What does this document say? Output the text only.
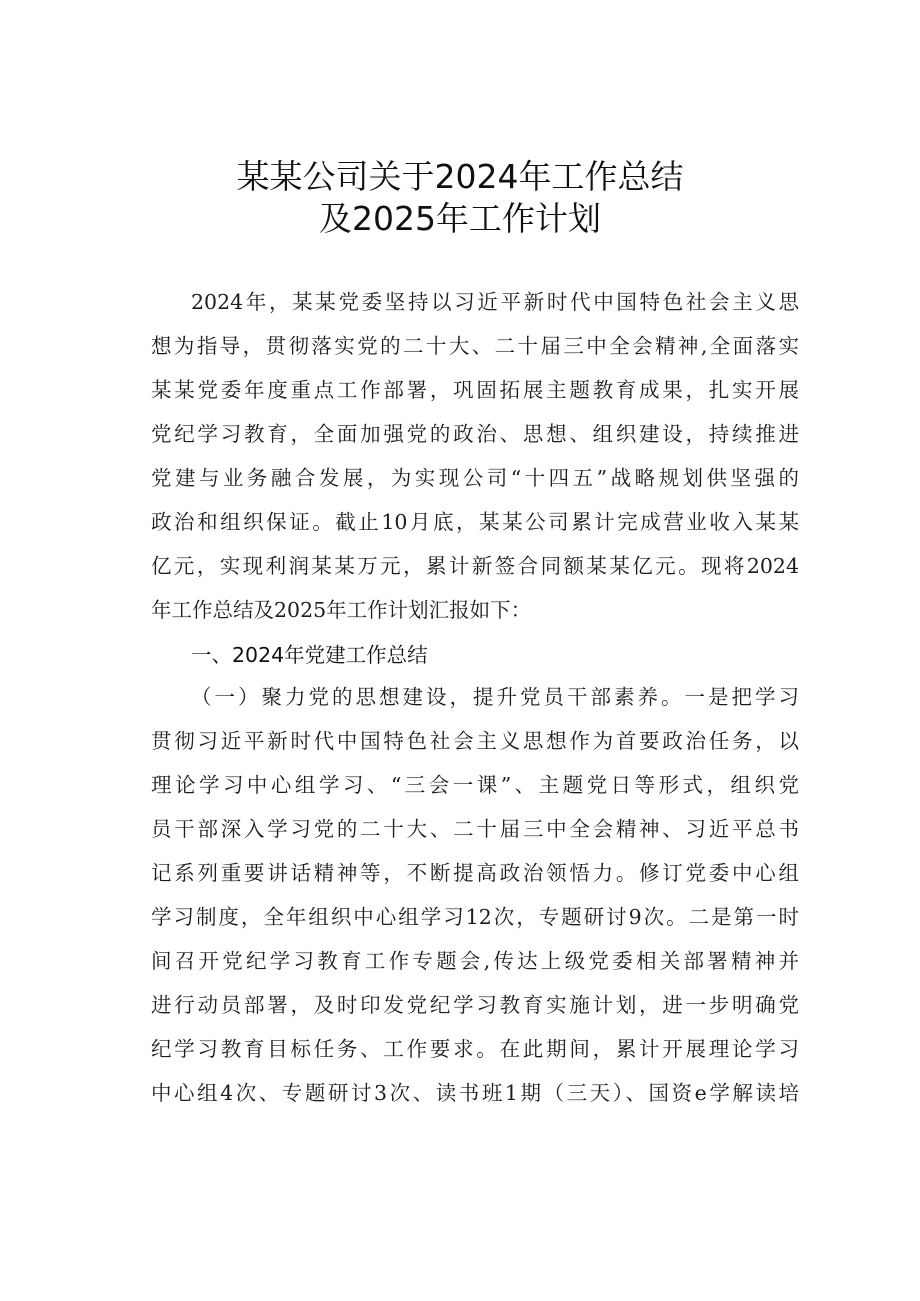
某某公司关于2024年工作总结
及2025年工作计划
2024年，某某党委坚持以习近平新时代中国特色社会主义思
想为指导，贯彻落实党的二十大、二十届三中全会精神,全面落实
某某党委年度重点工作部署，巩固拓展主题教育成果，扎实开展
党纪学习教育，全面加强党的政治、思想、组织建设，持续推进
党建与业务融合发展，为实现公司“十四五”战略规划供坚强的
政治和组织保证。截止10月底，某某公司累计完成营业收入某某
亿元，实现利润某某万元，累计新签合同额某某亿元。现将2024
年工作总结及2025年工作计划汇报如下：
一、2024年党建工作总结
（一）聚力党的思想建设，提升党员干部素养。一是把学习
贯彻习近平新时代中国特色社会主义思想作为首要政治任务，以
理论学习中心组学习、“三会一课”、主题党日等形式，组织党
员干部深入学习党的二十大、二十届三中全会精神、习近平总书
记系列重要讲话精神等，不断提高政治领悟力。修订党委中心组
学习制度，全年组织中心组学习12次，专题研讨9次。二是第一时
间召开党纪学习教育工作专题会,传达上级党委相关部署精神并
进行动员部署，及时印发党纪学习教育实施计划，进一步明确党
纪学习教育目标任务、工作要求。在此期间，累计开展理论学习
中心组4次、专题研讨3次、读书班1期（三天）、国资e学解读培
